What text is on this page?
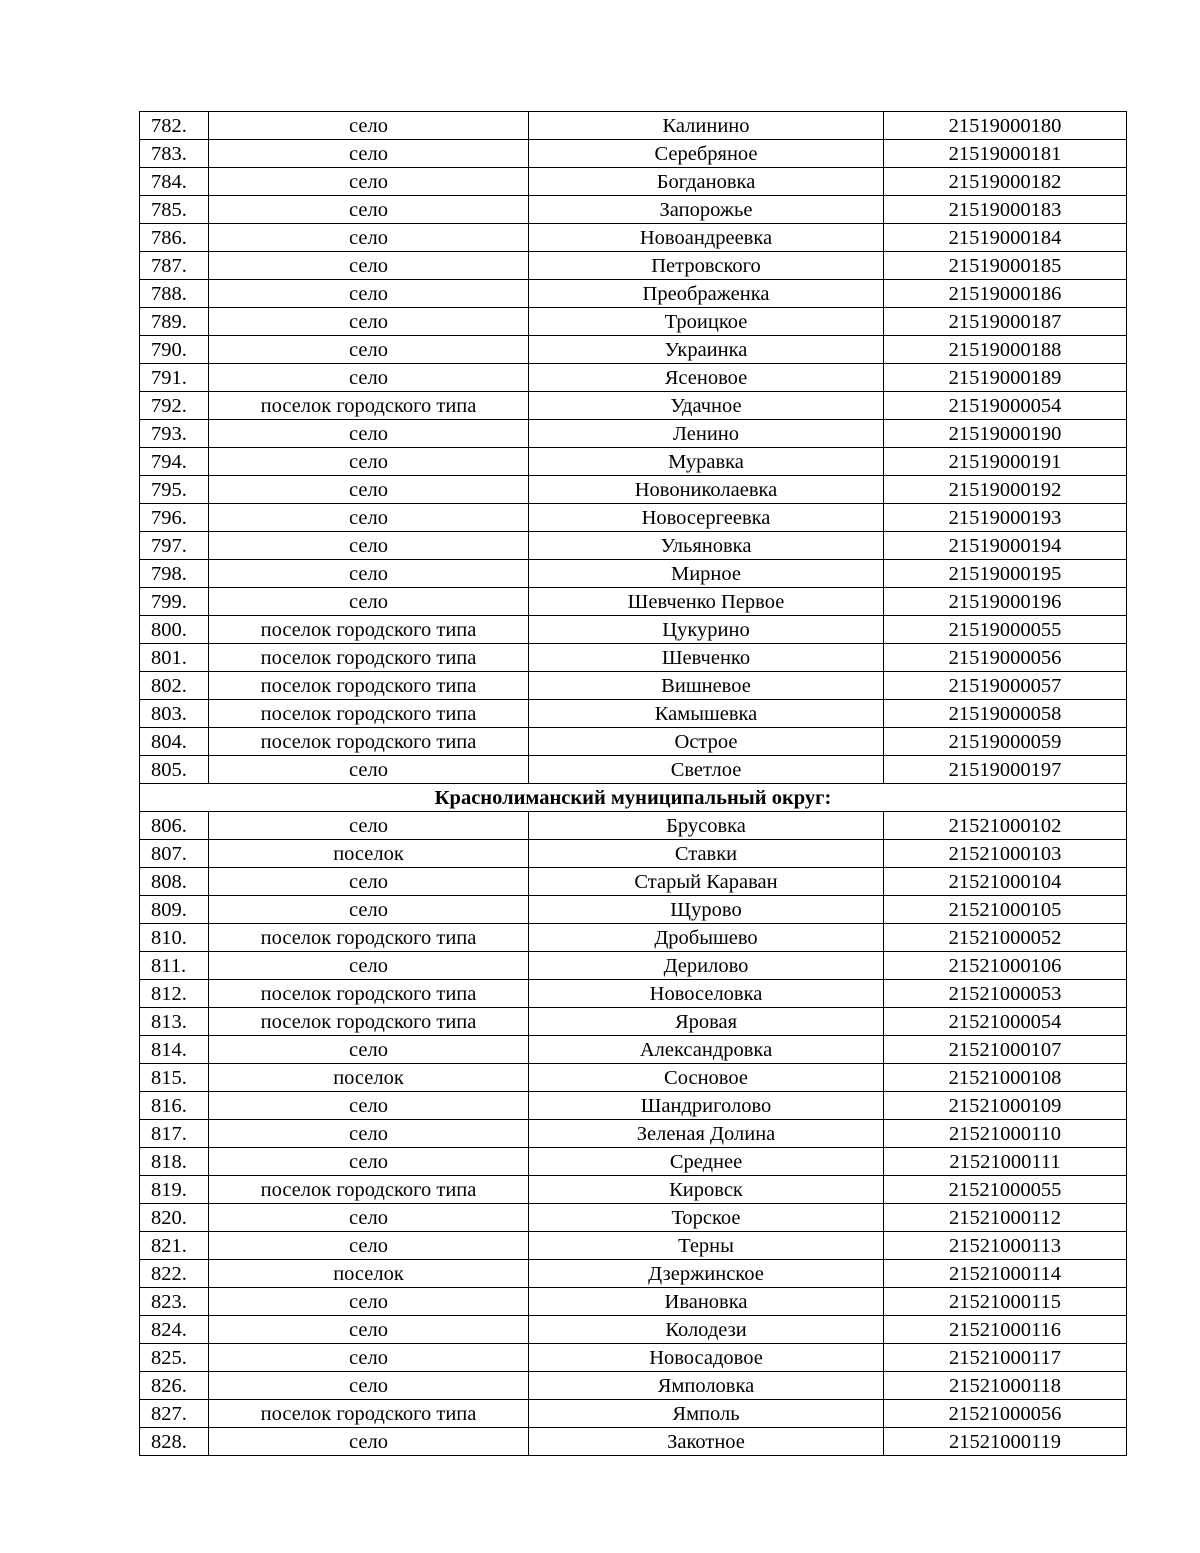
782.	село	Калинино	21519000180
783.	село	Серебряное	21519000181
784.	село	Богдановка	21519000182
785.	село	Запорожье	21519000183
786.	село	Новоандреевка	21519000184
787.	село	Петровского	21519000185
788.	село	Преображенка	21519000186
789.	село	Троицкое	21519000187
790.	село	Украинка	21519000188
791.	село	Ясеновое	21519000189
792.	поселок городского типа	Удачное	21519000054
793.	село	Ленино	21519000190
794.	село	Муравка	21519000191
795.	село	Новониколаевка	21519000192
796.	село	Новосергеевка	21519000193
797.	село	Ульяновка	21519000194
798.	село	Мирное	21519000195
799.	село	Шевченко Первое	21519000196
800.	поселок городского типа	Цукурино	21519000055
801.	поселок городского типа	Шевченко	21519000056
802.	поселок городского типа	Вишневое	21519000057
803.	поселок городского типа	Камышевка	21519000058
804.	поселок городского типа	Острое	21519000059
805.	село	Светлое	21519000197
Краснолиманский муниципальный округ:			
806.	село	Брусовка	21521000102
807.	поселок	Ставки	21521000103
808.	село	Старый Караван	21521000104
809.	село	Щурово	21521000105
810.	поселок городского типа	Дробышево	21521000052
811.	село	Дерилово	21521000106
812.	поселок городского типа	Новоселовка	21521000053
813.	поселок городского типа	Яровая	21521000054
814.	село	Александровка	21521000107
815.	поселок	Сосновое	21521000108
816.	село	Шандриголово	21521000109
817.	село	Зеленая Долина	21521000110
818.	село	Среднее	21521000111
819.	поселок городского типа	Кировск	21521000055
820.	село	Торское	21521000112
821.	село	Терны	21521000113
822.	поселок	Дзержинское	21521000114
823.	село	Ивановка	21521000115
824.	село	Колодези	21521000116
825.	село	Новосадовое	21521000117
826.	село	Ямполовка	21521000118
827.	поселок городского типа	Ямполь	21521000056
828.	село	Закотное	21521000119
